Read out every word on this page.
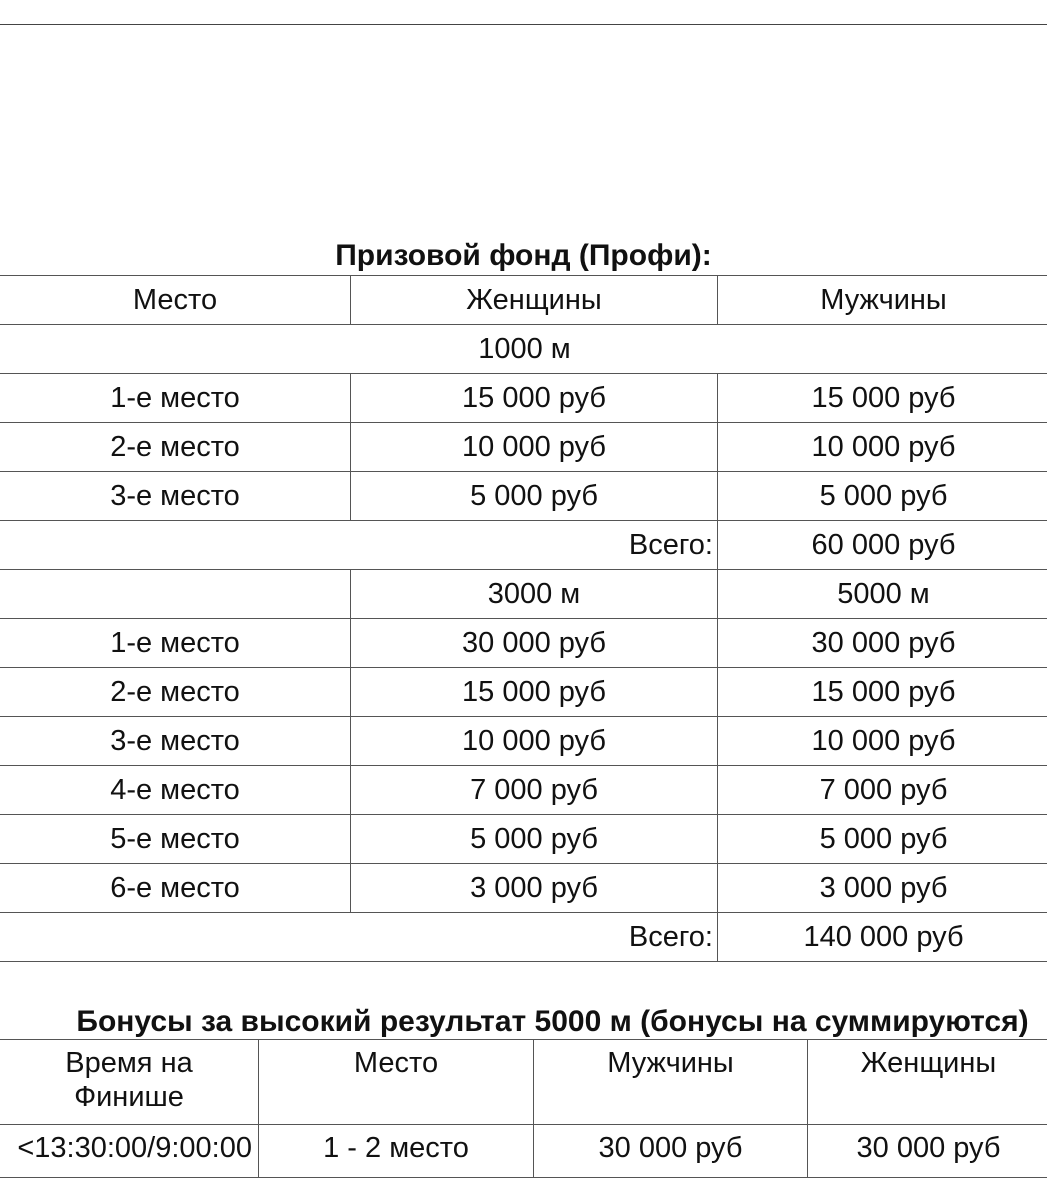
Призовой фонд (Профи):
Место	Женщины	Мужчины
1000 м		
1-е место	15 000 руб	15 000 руб
2-е место	10 000 руб	10 000 руб
3-е место	5 000 руб	5 000 руб
Всего:		60 000 руб
	3000 м	5000 м
1-е место	30 000 руб	30 000 руб
2-е место	15 000 руб	15 000 руб
3-е место	10 000 руб	10 000 руб
4-е место	7 000 руб	7 000 руб
5-е место	5 000 руб	5 000 руб
6-е место	3 000 руб	3 000 руб
Всего:		140 000 руб
Бонусы за высокий результат 5000 м (бонусы на суммируются)
Время на
Финише	Место	Мужчины	Женщины
<13:30:00/9:00:00	1 - 2 место	30 000 руб	30 000 руб
